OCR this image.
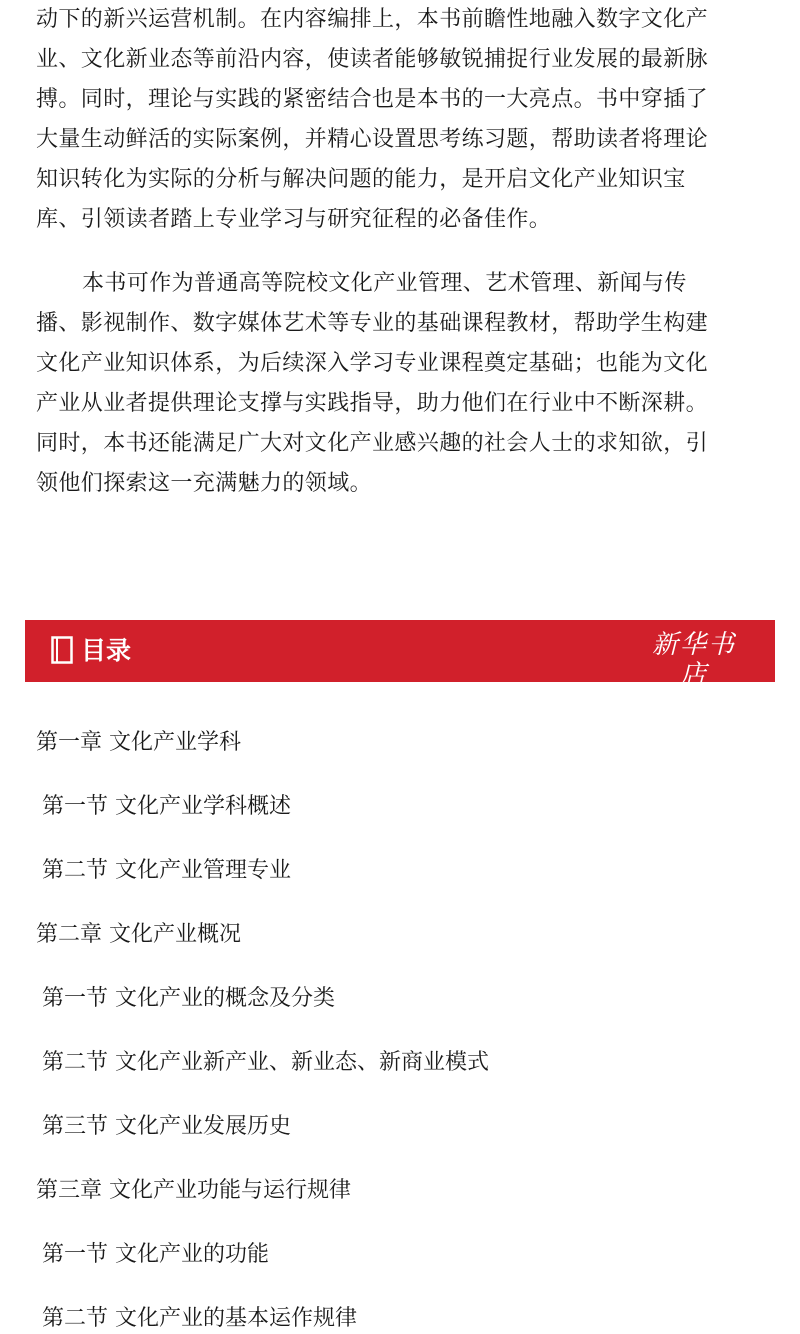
动下的新兴运营机制。在内容编排上，本书前瞻性地融入数字文化产
业、文化新业态等前沿内容，使读者能够敏锐捕捉行业发展的最新脉
搏。同时，理论与实践的紧密结合也是本书的一大亮点。书中穿插了
大量生动鲜活的实际案例，并精心设置思考练习题，帮助读者将理论
知识转化为实际的分析与解决问题的能力，是开启文化产业知识宝
库、引领读者踏上专业学习与研究征程的必备佳作。
本书可作为普通高等院校文化产业管理、艺术管理、新闻与传
播、影视制作、数字媒体艺术等专业的基础课程教材，帮助学生构建
文化产业知识体系，为后续深入学习专业课程奠定基础；也能为文化
产业从业者提供理论支撑与实践指导，助力他们在行业中不断深耕。
同时，本书还能满足广大对文化产业感兴趣的社会人士的求知欲，引
领他们探索这一充满魅力的领域。
目录	新华书店
XINHUA BOOKSTORE
第一章 文化产业学科
第一节 文化产业学科概述
第二节 文化产业管理专业
第二章 文化产业概况
第一节 文化产业的概念及分类
第二节 文化产业新产业、新业态、新商业模式
第三节 文化产业发展历史
第三章 文化产业功能与运行规律
第一节 文化产业的功能
第二节 文化产业的基本运作规律
